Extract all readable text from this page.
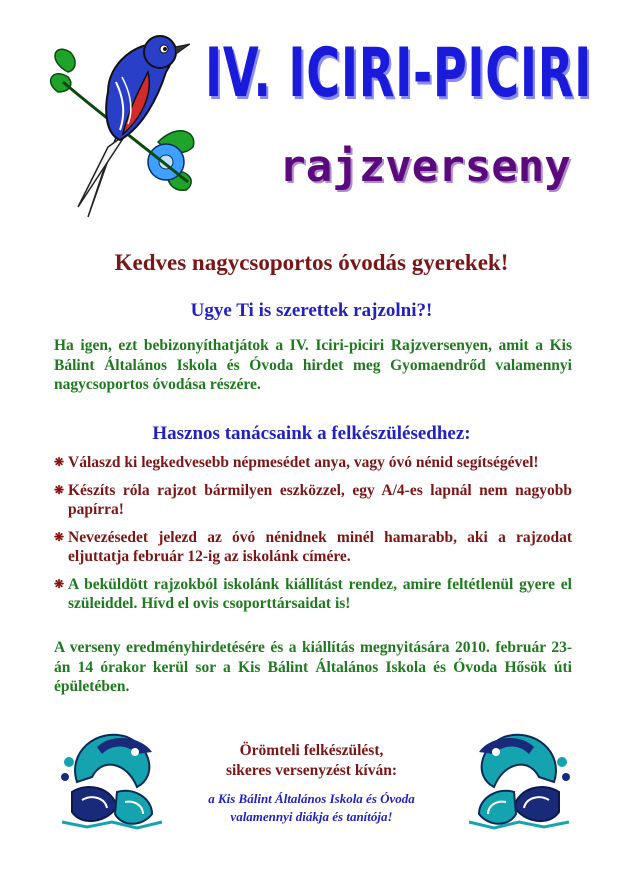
IV. ICIRI-PICIRI
rajzverseny
Kedves nagycsoportos óvodás gyerekek!
Ugye Ti is szerettek rajzolni?!
Ha igen, ezt bebizonyíthatjátok a IV. Iciri-piciri Rajzversenyen, amit a Kis Bálint Általános Iskola és Óvoda hirdet meg Gyomaendrőd valamennyi nagycsoportos óvodása részére.
Hasznos tanácsaink a felkészülésedhez:
❋ Válaszd ki legkedvesebb népmesédet anya, vagy óvó nénid segítségével!
❋ Készíts róla rajzot bármilyen eszközzel, egy A/4-es lapnál nem nagyobb papírra!
❋ Nevezésedet jelezd az óvó nénidnek minél hamarabb, aki a rajzodat eljuttatja február 12-ig az iskolánk címére.
❋ A beküldött rajzokból iskolánk kiállítást rendez, amire feltétlenül gyere el szüleiddel. Hívd el ovis csoporttársaidat is!
A verseny eredményhirdetésére és a kiállítás megnyitására 2010. február 23-án 14 órakor kerül sor a Kis Bálint Általános Iskola és Óvoda Hősök úti épületében.
Örömteli felkészülést,
sikeres versenyzést kíván:
a Kis Bálint Általános Iskola és Óvoda
valamennyi diákja és tanítója!
